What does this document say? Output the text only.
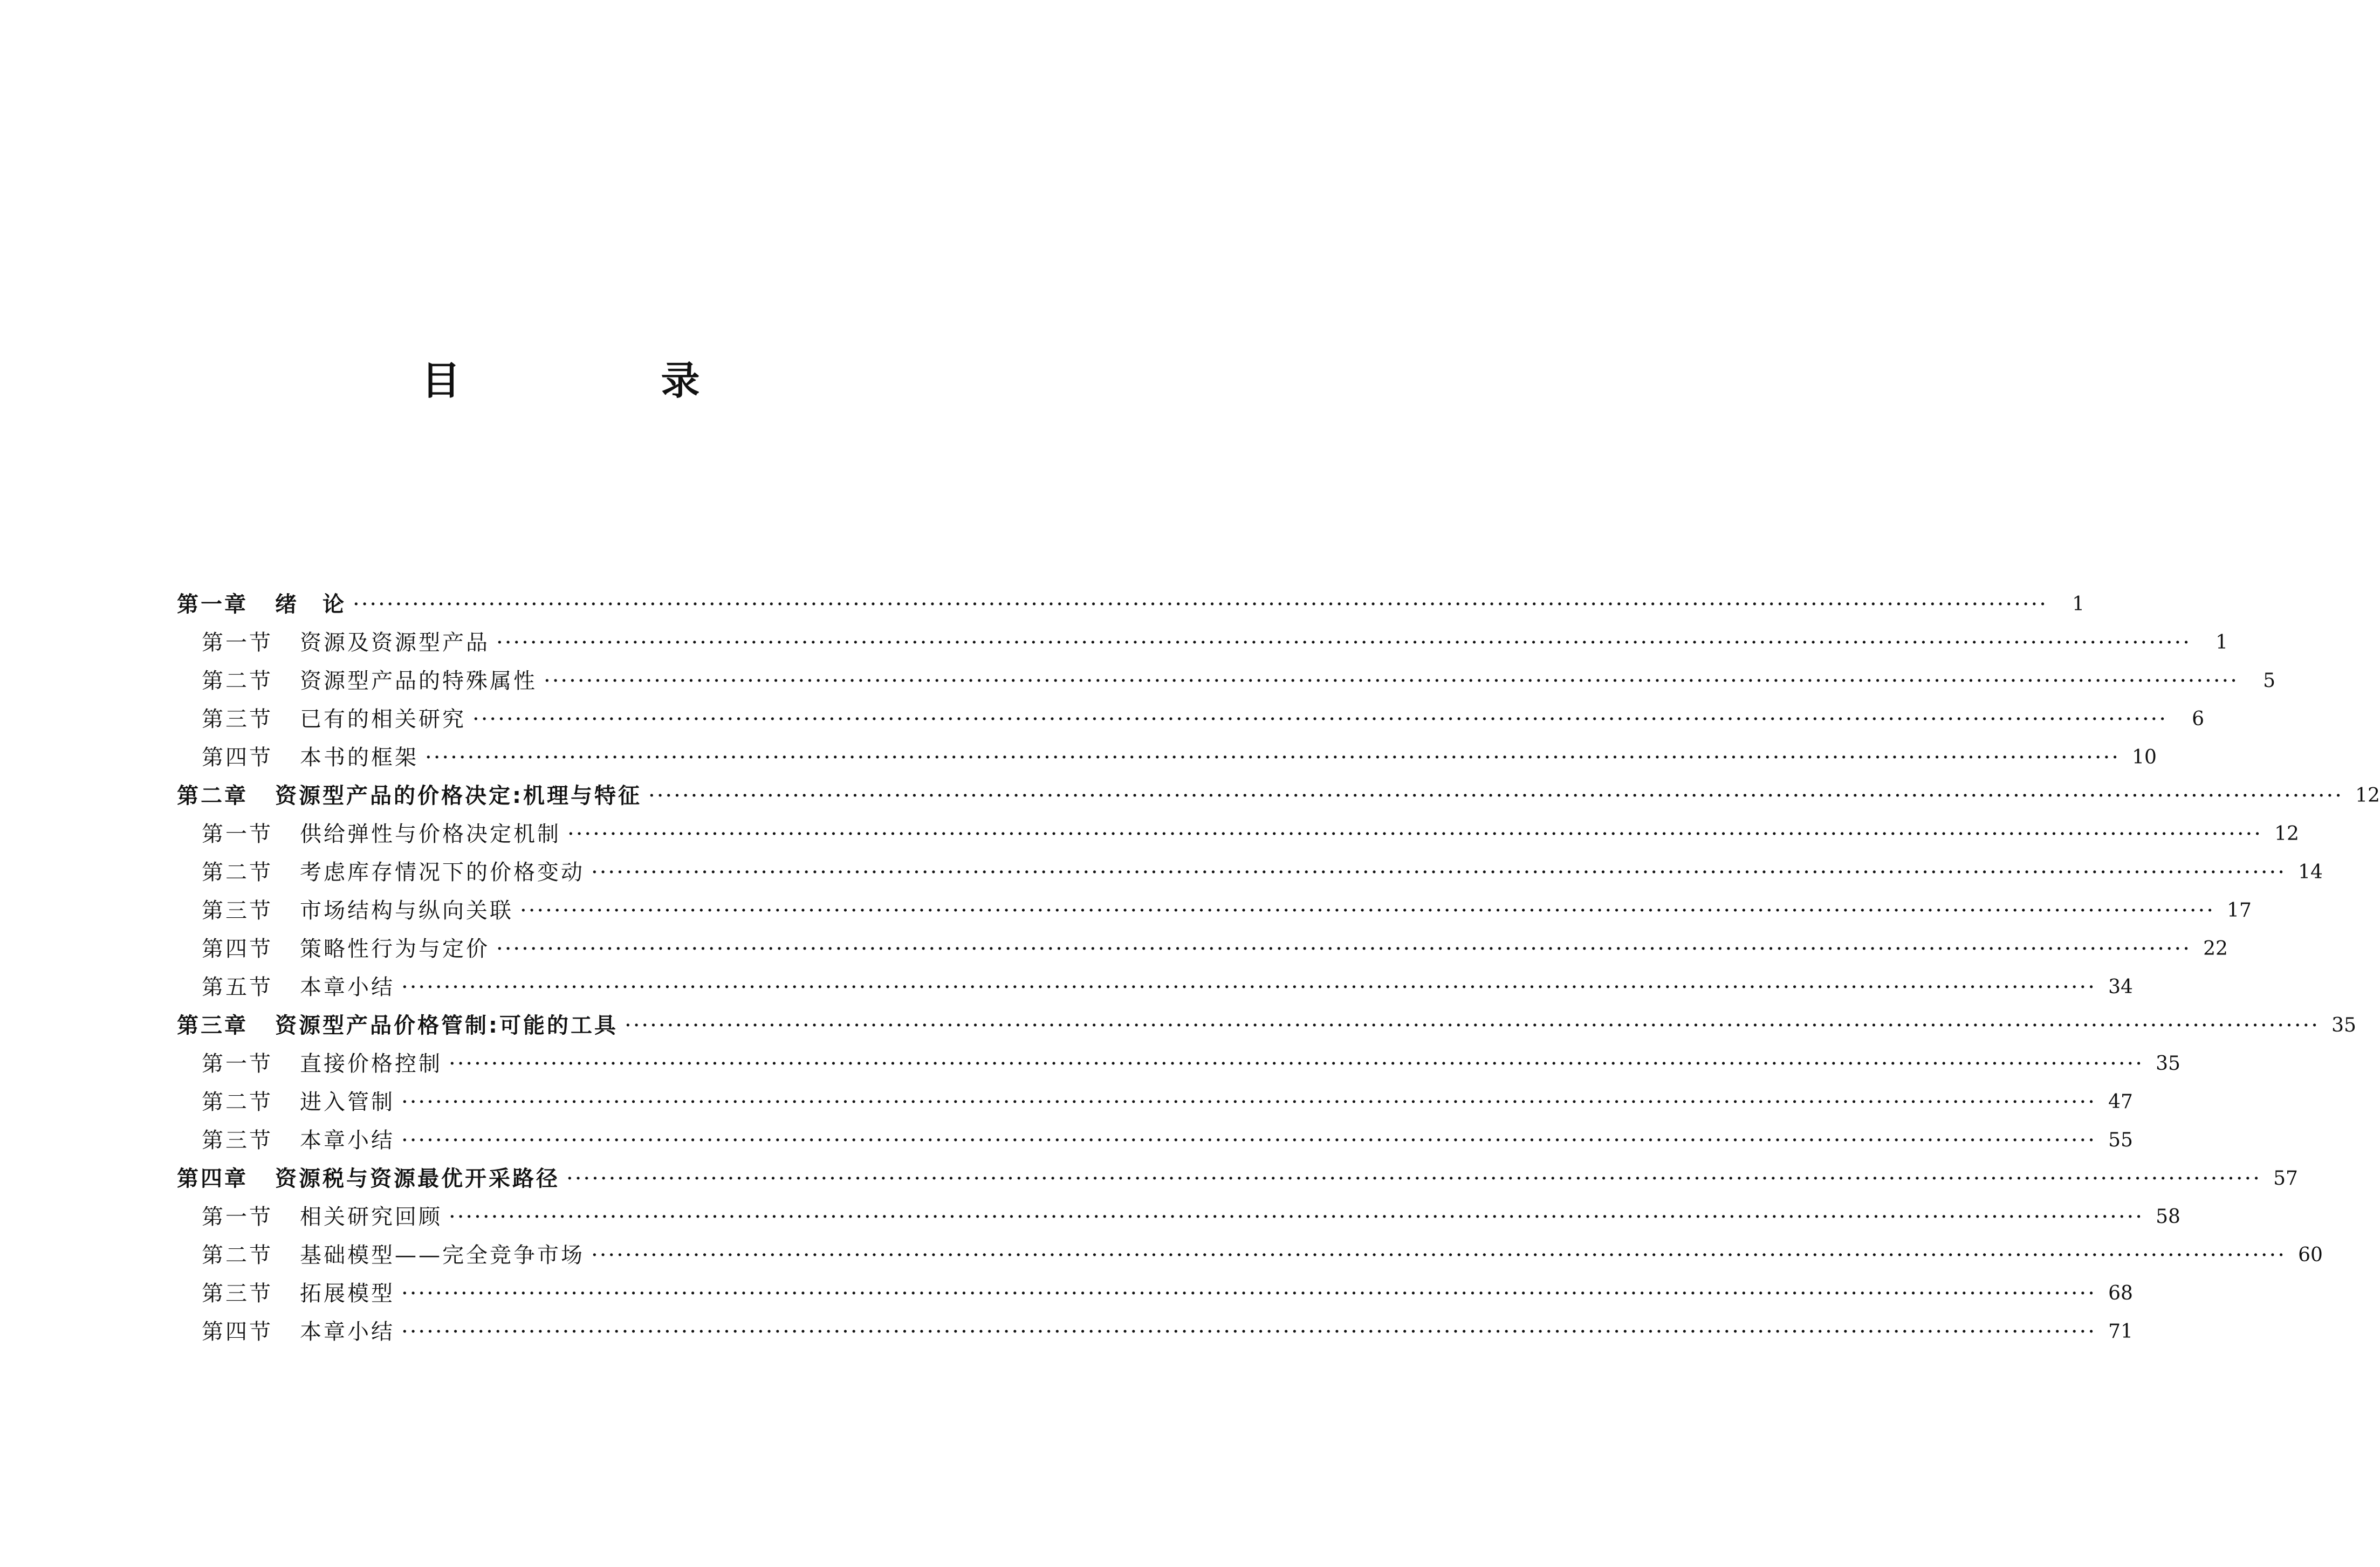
目　录
第一章	绪　论 ········································································································································································································	1
第一节	资源及资源型产品 ········································································································································································································	1
第二节	资源型产品的特殊属性 ········································································································································································································	5
第三节	已有的相关研究 ········································································································································································································	6
第四节	本书的框架 ········································································································································································································ 10
第二章	资源型产品的价格决定:机理与特征 ········································································································································································································ 12
第一节	供给弹性与价格决定机制 ········································································································································································································ 12
第二节	考虑库存情况下的价格变动 ········································································································································································································ 14
第三节	市场结构与纵向关联 ········································································································································································································ 17
第四节	策略性行为与定价 ········································································································································································································ 22
第五节	本章小结 ········································································································································································································ 34
第三章	资源型产品价格管制:可能的工具 ········································································································································································································ 35
第一节	直接价格控制 ········································································································································································································ 35
第二节	进入管制 ········································································································································································································ 47
第三节	本章小结 ········································································································································································································ 55
第四章	资源税与资源最优开采路径 ········································································································································································································ 57
第一节	相关研究回顾 ········································································································································································································ 58
第二节	基础模型——完全竞争市场 ········································································································································································································ 60
第三节	拓展模型 ········································································································································································································ 68
第四节	本章小结 ········································································································································································································ 71
